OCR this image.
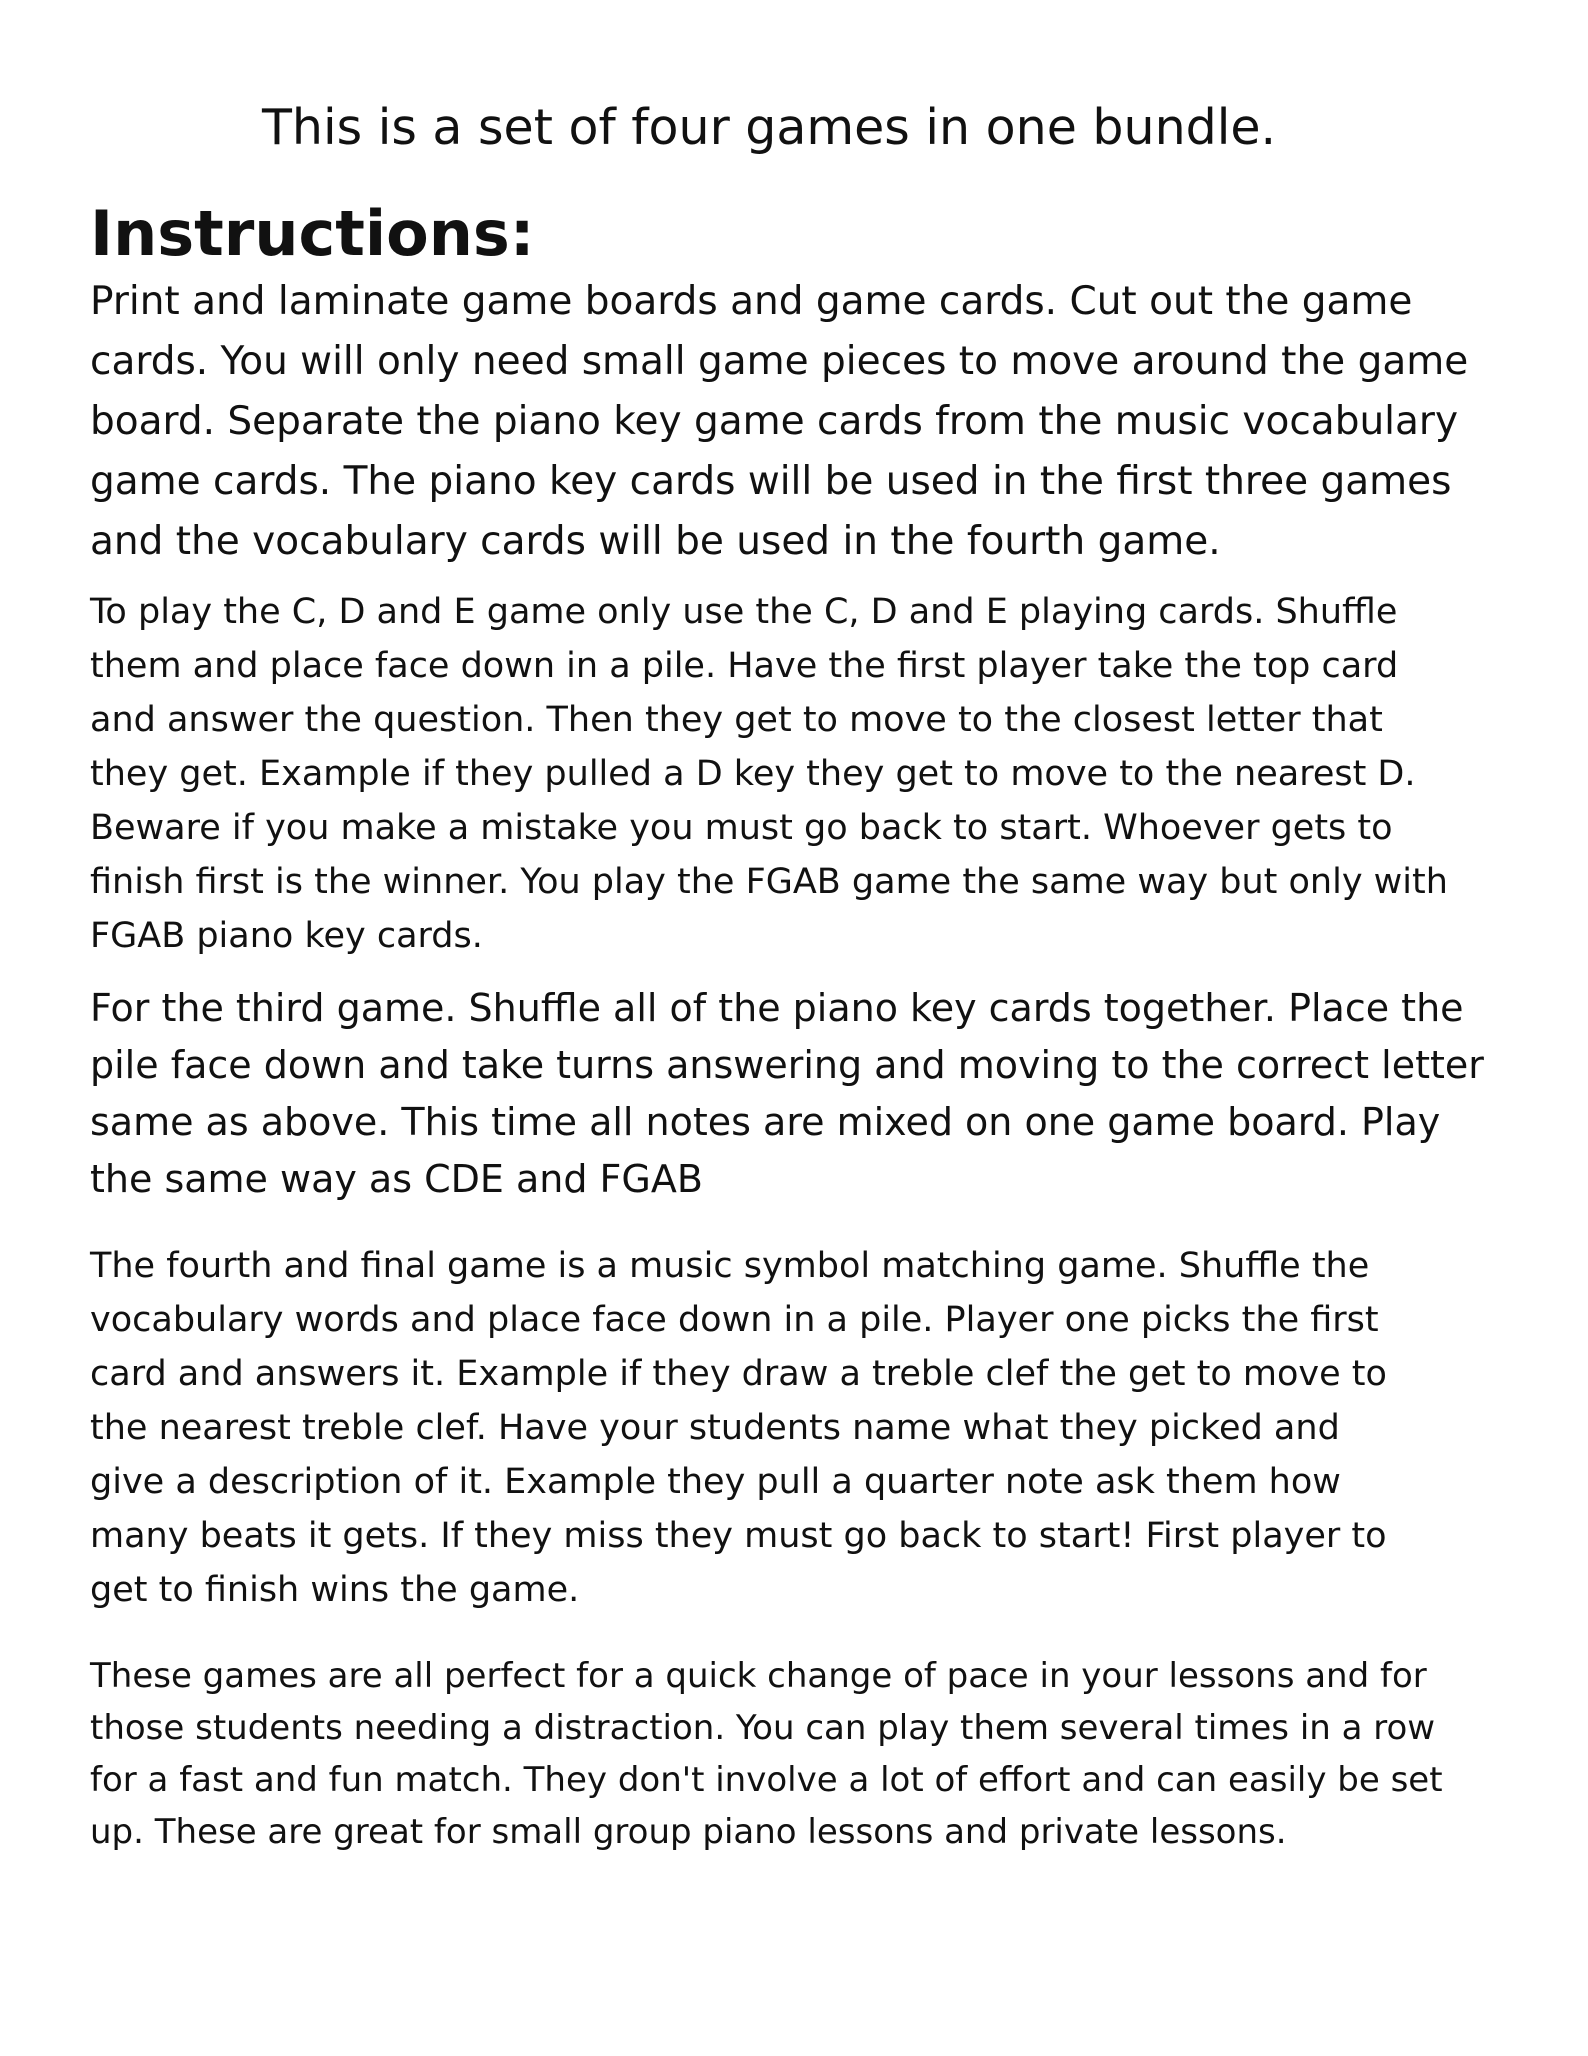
This is a set of four games in one bundle.
Instructions:

Print and laminate game boards and game cards. Cut out the game
cards. You will only need small game pieces to move around the game
board. Separate the piano key game cards from the music vocabulary
game cards. The piano key cards will be used in the first three games
and the vocabulary cards will be used in the fourth game.

To play the C, D and E game only use the C, D and E playing cards. Shuffle
them and place face down in a pile. Have the first player take the top card
and answer the question. Then they get to move to the closest letter that
they get. Example if they pulled a D key they get to move to the nearest D.
Beware if you make a mistake you must go back to start. Whoever gets to
finish first is the winner. You play the FGAB game the same way but only with
FGAB piano key cards.

For the third game. Shuffle all of the piano key cards together. Place the
pile face down and take turns answering and moving to the correct letter
same as above. This time all notes are mixed on one game board. Play
the same way as CDE and FGAB

The fourth and final game is a music symbol matching game. Shuffle the
vocabulary words and place face down in a pile. Player one picks the first
card and answers it. Example if they draw a treble clef the get to move to
the nearest treble clef. Have your students name what they picked and
give a description of it. Example they pull a quarter note ask them how
many beats it gets. If they miss they must go back to start! First player to
get to finish wins the game.

These games are all perfect for a quick change of pace in your lessons and for
those students needing a distraction. You can play them several times in a row
for a fast and fun match. They don't involve a lot of effort and can easily be set
up. These are great for small group piano lessons and private lessons.
